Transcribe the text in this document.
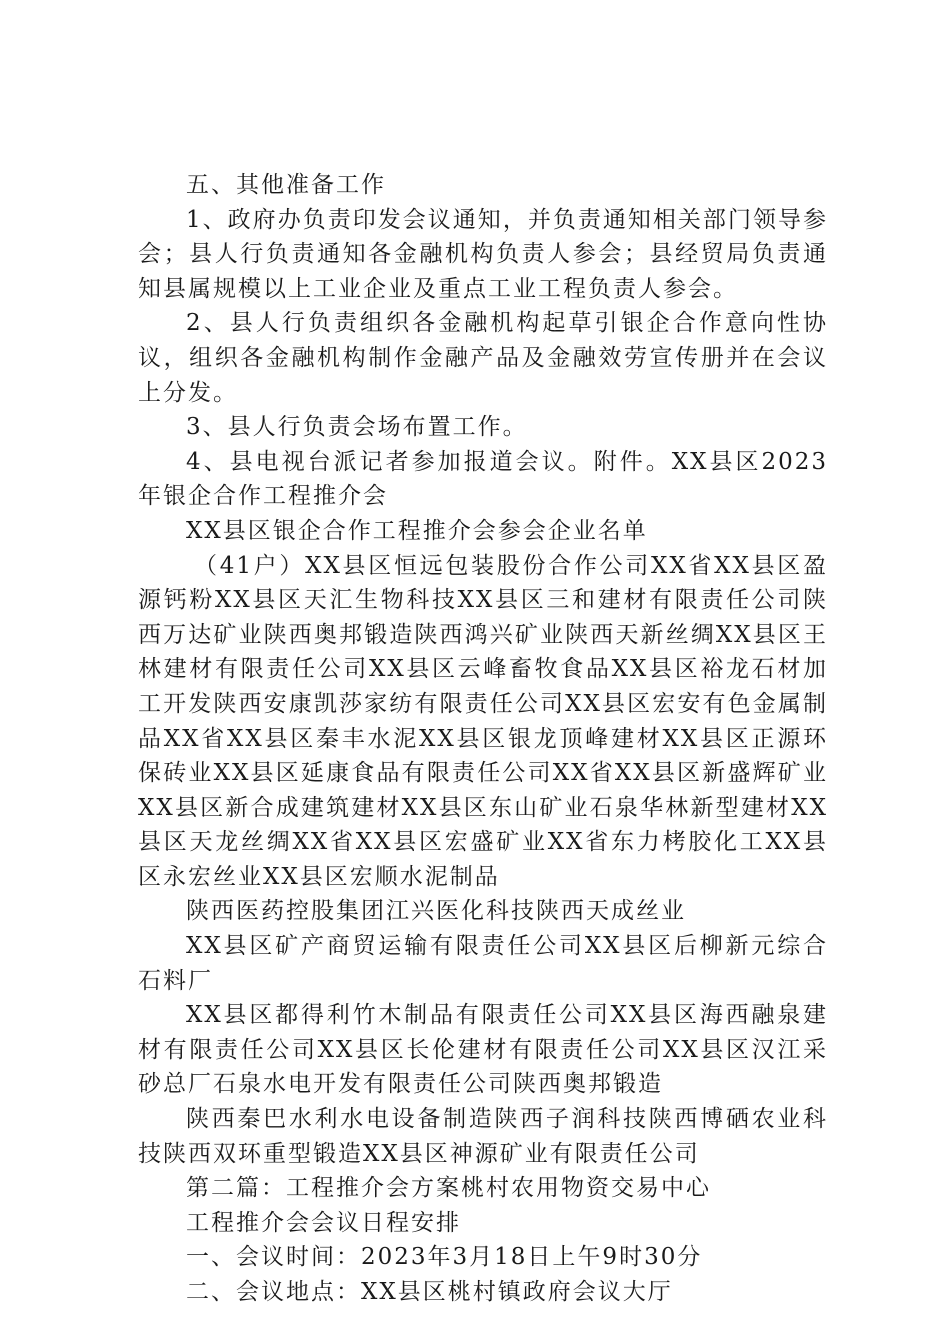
五、其他准备工作

1、政府办负责印发会议通知，并负责通知相关部门领导参会；县人行负责通知各金融机构负责人参会；县经贸局负责通知县属规模以上工业企业及重点工业工程负责人参会。

2、县人行负责组织各金融机构起草引银企合作意向性协议，组织各金融机构制作金融产品及金融效劳宣传册并在会议上分发。

3、县人行负责会场布置工作。

4、县电视台派记者参加报道会议。附件。XX县区2023年银企合作工程推介会

XX县区银企合作工程推介会参会企业名单

（41户）XX县区恒远包装股份合作公司XX省XX县区盈源钙粉XX县区天汇生物科技XX县区三和建材有限责任公司陕西万达矿业陕西奥邦锻造陕西鸿兴矿业陕西天新丝绸XX县区王林建材有限责任公司XX县区云峰畜牧食品XX县区裕龙石材加工开发陕西安康凯莎家纺有限责任公司XX县区宏安有色金属制品XX省XX县区秦丰水泥XX县区银龙顶峰建材XX县区正源环保砖业XX县区延康食品有限责任公司XX省XX县区新盛辉矿业XX县区新合成建筑建材XX县区东山矿业石泉华林新型建材XX县区天龙丝绸XX省XX县区宏盛矿业XX省东力栲胶化工XX县区永宏丝业XX县区宏顺水泥制品

陕西医药控股集团江兴医化科技陕西天成丝业

XX县区矿产商贸运输有限责任公司XX县区后柳新元综合石料厂

XX县区都得利竹木制品有限责任公司XX县区海西融泉建材有限责任公司XX县区长伦建材有限责任公司XX县区汉江采砂总厂石泉水电开发有限责任公司陕西奥邦锻造

陕西秦巴水利水电设备制造陕西子润科技陕西博硒农业科技陕西双环重型锻造XX县区神源矿业有限责任公司

第二篇：工程推介会方案桃村农用物资交易中心

工程推介会会议日程安排

一、会议时间：2023年3月18日上午9时30分

二、会议地点：XX县区桃村镇政府会议大厅
